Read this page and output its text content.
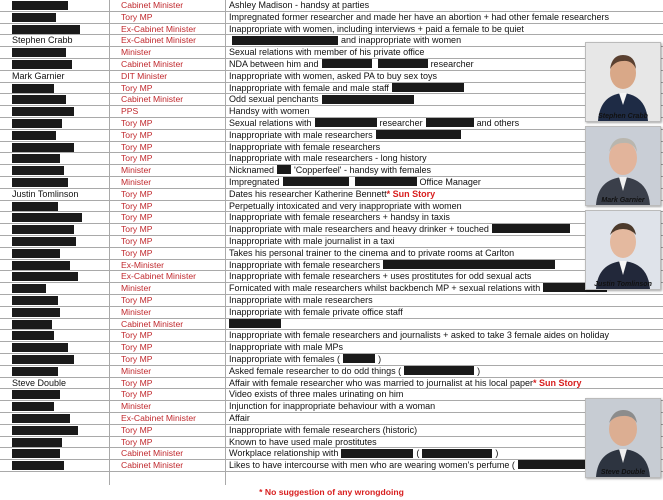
Cabinet Minister	Ashley Madison - handsy at parties
Tory MP	Impregnated former researcher and made her have an abortion + had other female researchers
Ex-Cabinet Minister	Inappropriate with women, including interviews + paid a female to be quiet
Stephen Crabb	Ex-Cabinet Minister	and inappropriate with women
Minister	Sexual relations with member of his private office
Cabinet Minister	NDA between him and	researcher
Mark Garnier	DIT Minister	Inappropriate with women, asked PA to buy sex toys
Tory MP	Inappropriate with female and male staff
Cabinet Minister	Odd sexual penchants
PPS	Handsy with women
Tory MP	Sexual relations with	researcher	and others
Tory MP	Inappropriate with male researchers
Tory MP	Inappropriate with female researchers
Tory MP	Inappropriate with male researchers - long history
Minister	Nicknamed 'Copperfeel' - handsy with females
Minister	Impregnated	Office Manager
Justin Tomlinson	Tory MP	Dates his researcher Katherine Bennett* Sun Story
Tory MP	Perpetually intoxicated and very inappropriate with women
Tory MP	Inappropriate with female researchers + handsy in taxis
Tory MP	Inappropriate with male researchers and heavy drinker + touched
Tory MP	Inappropriate with male journalist in a taxi
Tory MP	Takes his personal trainer to the cinema and to private rooms at Carlton
Ex-Minister	Inappropriate with female researchers
Ex-Cabinet Minister	Inappropriate with female researchers + uses prostitutes for odd sexual acts
Minister	Fornicated with male researchers whilst backbench MP + sexual relations with
Tory MP	Inappropriate with male researchers
Minister	Inappropriate with female private office staff
Cabinet Minister
Tory MP	Inappropriate with female researchers and journalists + asked to take 3 female aides on holiday
Tory MP	Inappropriate with male MPs
Tory MP	Inappropriate with females (	)
Minister	Asked female researcher to do odd things (	)
Steve Double	Tory MP	Affair with female researcher who was married to journalist at his local paper* Sun Story
Tory MP	Video exists of three males urinating on him
Minister	Injunction for inappropriate behaviour with a woman
Ex-Cabinet Minister	Affair
Tory MP	Inappropriate with female researchers (historic)
Tory MP	Known to have used male prostitutes
Cabinet Minister	Workplace relationship with	(	)
Cabinet Minister	Likes to have intercourse with men who are wearing women's perfume (
Stephen Crabb
Mark Garnier
Justin Tomlinson
Steve Double
* No suggestion of any wrongdoing
